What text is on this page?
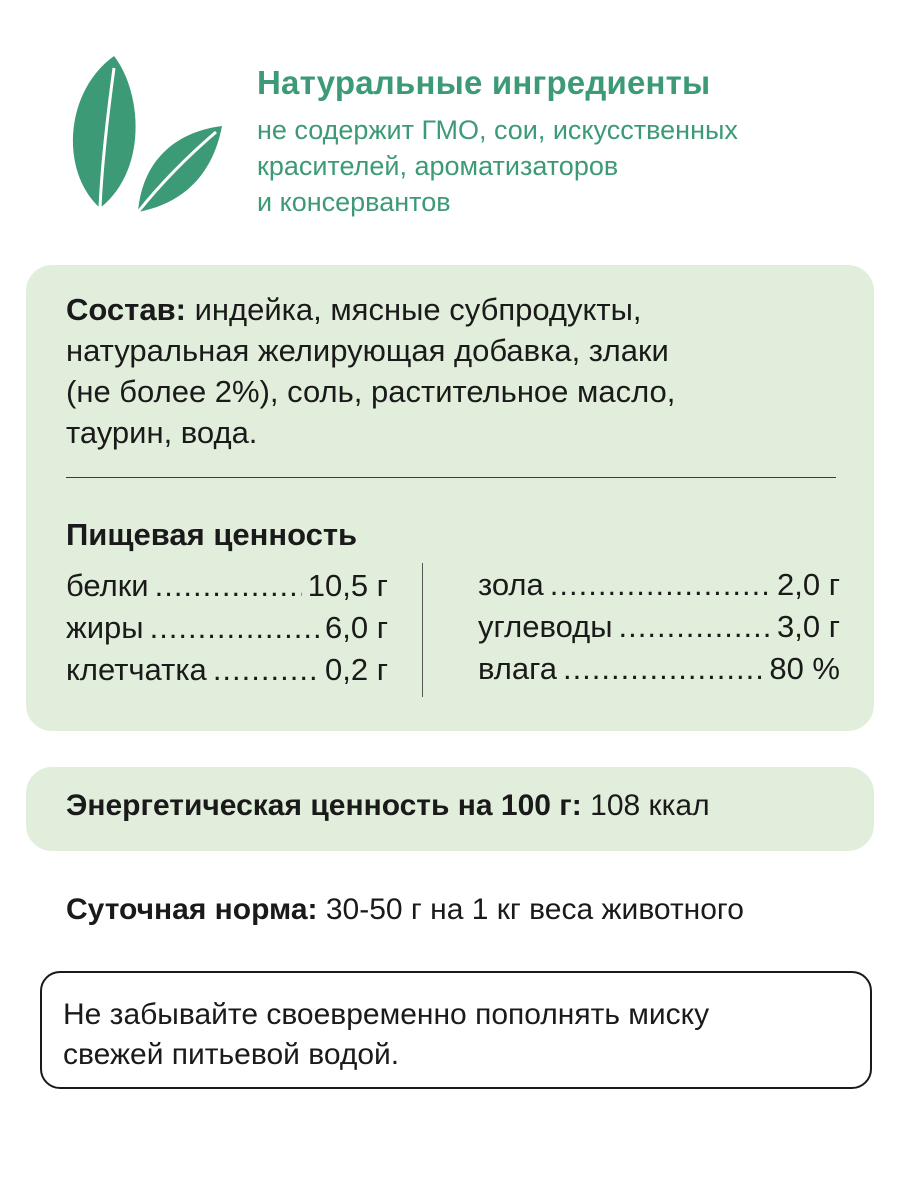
Натуральные ингредиенты
не содержит ГМО, сои, искусственных
красителей, ароматизаторов
и консервантов
Состав: индейка, мясные субпродукты,
натуральная желирующая добавка, злаки
(не более 2%), соль, растительное масло,
таурин, вода.
Пищевая ценность
белки .....	10,5 г
жиры .....	6,0 г
клетчатка .....	0,2 г
зола .....	2,0 г
углеводы .....	3,0 г
влага .....	80 %
Энергетическая ценность на 100 г: 108 ккал
Суточная норма: 30-50 г на 1 кг веса животного
Не забывайте своевременно пополнять миску
свежей питьевой водой.
